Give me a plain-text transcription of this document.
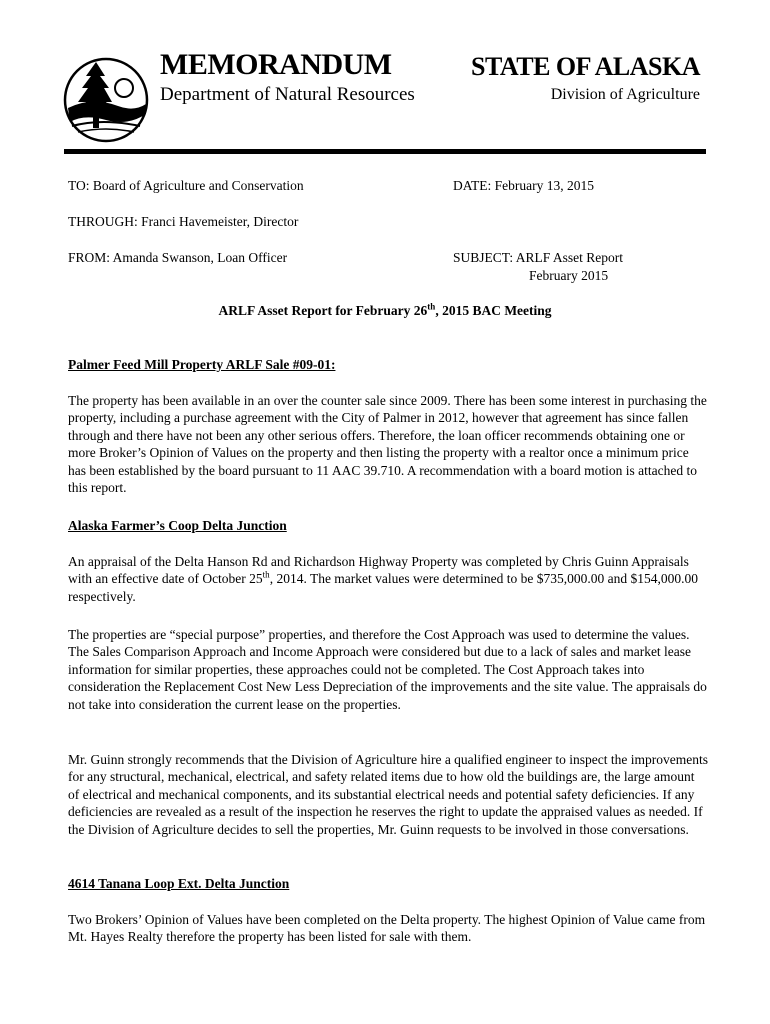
MEMORANDUM	STATE OF ALASKA
Department of Natural Resources	Division of Agriculture
TO: Board of Agriculture and Conservation	DATE: February 13, 2015
THROUGH: Franci Havemeister, Director
FROM: Amanda Swanson, Loan Officer	SUBJECT: ARLF Asset Report
February 2015
ARLF Asset Report for February 26th, 2015 BAC Meeting
Palmer Feed Mill Property ARLF Sale #09-01:
The property has been available in an over the counter sale since 2009. There has been some interest in purchasing the property, including a purchase agreement with the City of Palmer in 2012, however that agreement has since fallen through and there have not been any other serious offers. Therefore, the loan officer recommends obtaining one or more Broker’s Opinion of Values on the property and then listing the property with a realtor once a minimum price has been established by the board pursuant to 11 AAC 39.710. A recommendation with a board motion is attached to this report.
Alaska Farmer’s Coop Delta Junction
An appraisal of the Delta Hanson Rd and Richardson Highway Property was completed by Chris Guinn Appraisals with an effective date of October 25th, 2014. The market values were determined to be $735,000.00 and $154,000.00 respectively.
The properties are “special purpose” properties, and therefore the Cost Approach was used to determine the values. The Sales Comparison Approach and Income Approach were considered but due to a lack of sales and market lease information for similar properties, these approaches could not be completed. The Cost Approach takes into consideration the Replacement Cost New Less Depreciation of the improvements and the site value. The appraisals do not take into consideration the current lease on the properties.
Mr. Guinn strongly recommends that the Division of Agriculture hire a qualified engineer to inspect the improvements for any structural, mechanical, electrical, and safety related items due to how old the buildings are, the large amount of electrical and mechanical components, and its substantial electrical needs and potential safety deficiencies. If any deficiencies are revealed as a result of the inspection he reserves the right to update the appraised values as needed. If the Division of Agriculture decides to sell the properties, Mr. Guinn requests to be involved in those conversations.
4614 Tanana Loop Ext. Delta Junction
Two Brokers’ Opinion of Values have been completed on the Delta property. The highest Opinion of Value came from Mt. Hayes Realty therefore the property has been listed for sale with them.
